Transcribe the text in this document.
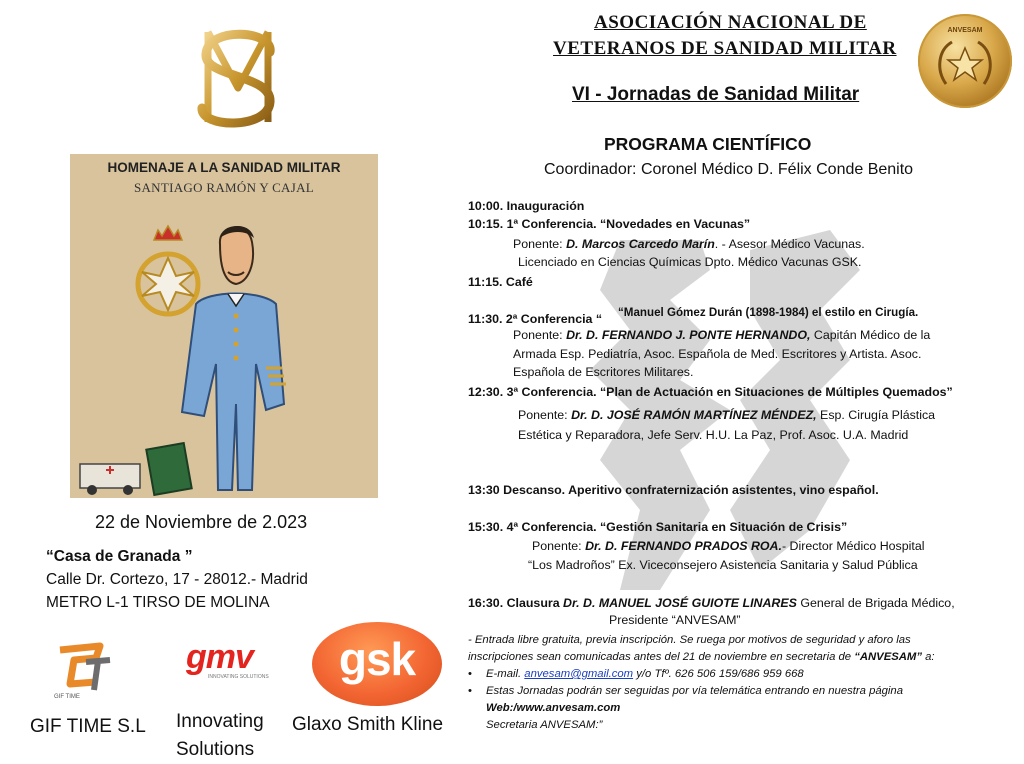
HOMENAJE A LA SANIDAD MILITAR
SANTIAGO RAMÓN Y CAJAL
22 de Noviembre de 2.023
“Casa de Granada ”
Calle Dr. Cortezo, 17 - 28012.- Madrid
METRO L-1 TIRSO DE MOLINA
GIF TIME
GIF TIME S.L
gmv
INNOVATING SOLUTIONS
Innovating
Solutions
gsk
Glaxo Smith Kline
ASOCIACIÓN NACIONAL DE
VETERANOS DE SANIDAD MILITAR
ANVESAM
VI - Jornadas de Sanidad Militar
PROGRAMA CIENTÍFICO
Coordinador: Coronel Médico D. Félix Conde Benito
10:00. Inauguración
10:15. 1ª Conferencia. “Novedades en Vacunas”
Ponente: D. Marcos Carcedo Marín. - Asesor Médico Vacunas.
Licenciado en Ciencias Químicas Dpto. Médico Vacunas GSK.
11:15. Café
11:30. 2ª Conferencia “ “Manuel Gómez Durán (1898-1984) el estilo en Cirugía.
Ponente: Dr. D. FERNANDO J. PONTE HERNANDO, Capitán Médico de la
Armada Esp. Pediatría, Asoc. Española de Med. Escritores y Artista. Asoc.
Española de Escritores Militares.
12:30. 3ª Conferencia. “Plan de Actuación en Situaciones de Múltiples Quemados”
Ponente: Dr. D. JOSÉ RAMÓN MARTÍNEZ MÉNDEZ, Esp. Cirugía Plástica
Estética y Reparadora, Jefe Serv. H.U. La Paz, Prof. Asoc. U.A. Madrid
13:30 Descanso. Aperitivo confraternización asistentes, vino español.
15:30. 4ª Conferencia. “Gestión Sanitaria en Situación de Crisis”
Ponente: Dr. D. FERNANDO PRADOS ROA.- Director Médico Hospital
“Los Madroños” Ex. Viceconsejero Asistencia Sanitaria y Salud Pública
16:30. Clausura Dr. D. MANUEL JOSÉ GUIOTE LINARES General de Brigada Médico,
Presidente “ANVESAM”
- Entrada libre gratuita, previa inscripción. Se ruega por motivos de seguridad y aforo las
inscripciones sean comunicadas antes del 21 de noviembre en secretaria de “ANVESAM” a:
• E-mail. anvesam@gmail.com y/o Tfº. 626 506 159/686 959 668
• Estas Jornadas podrán ser seguidas por vía telemática entrando en nuestra página
Web:/www.anvesam.com
Secretaria ANVESAM:”
